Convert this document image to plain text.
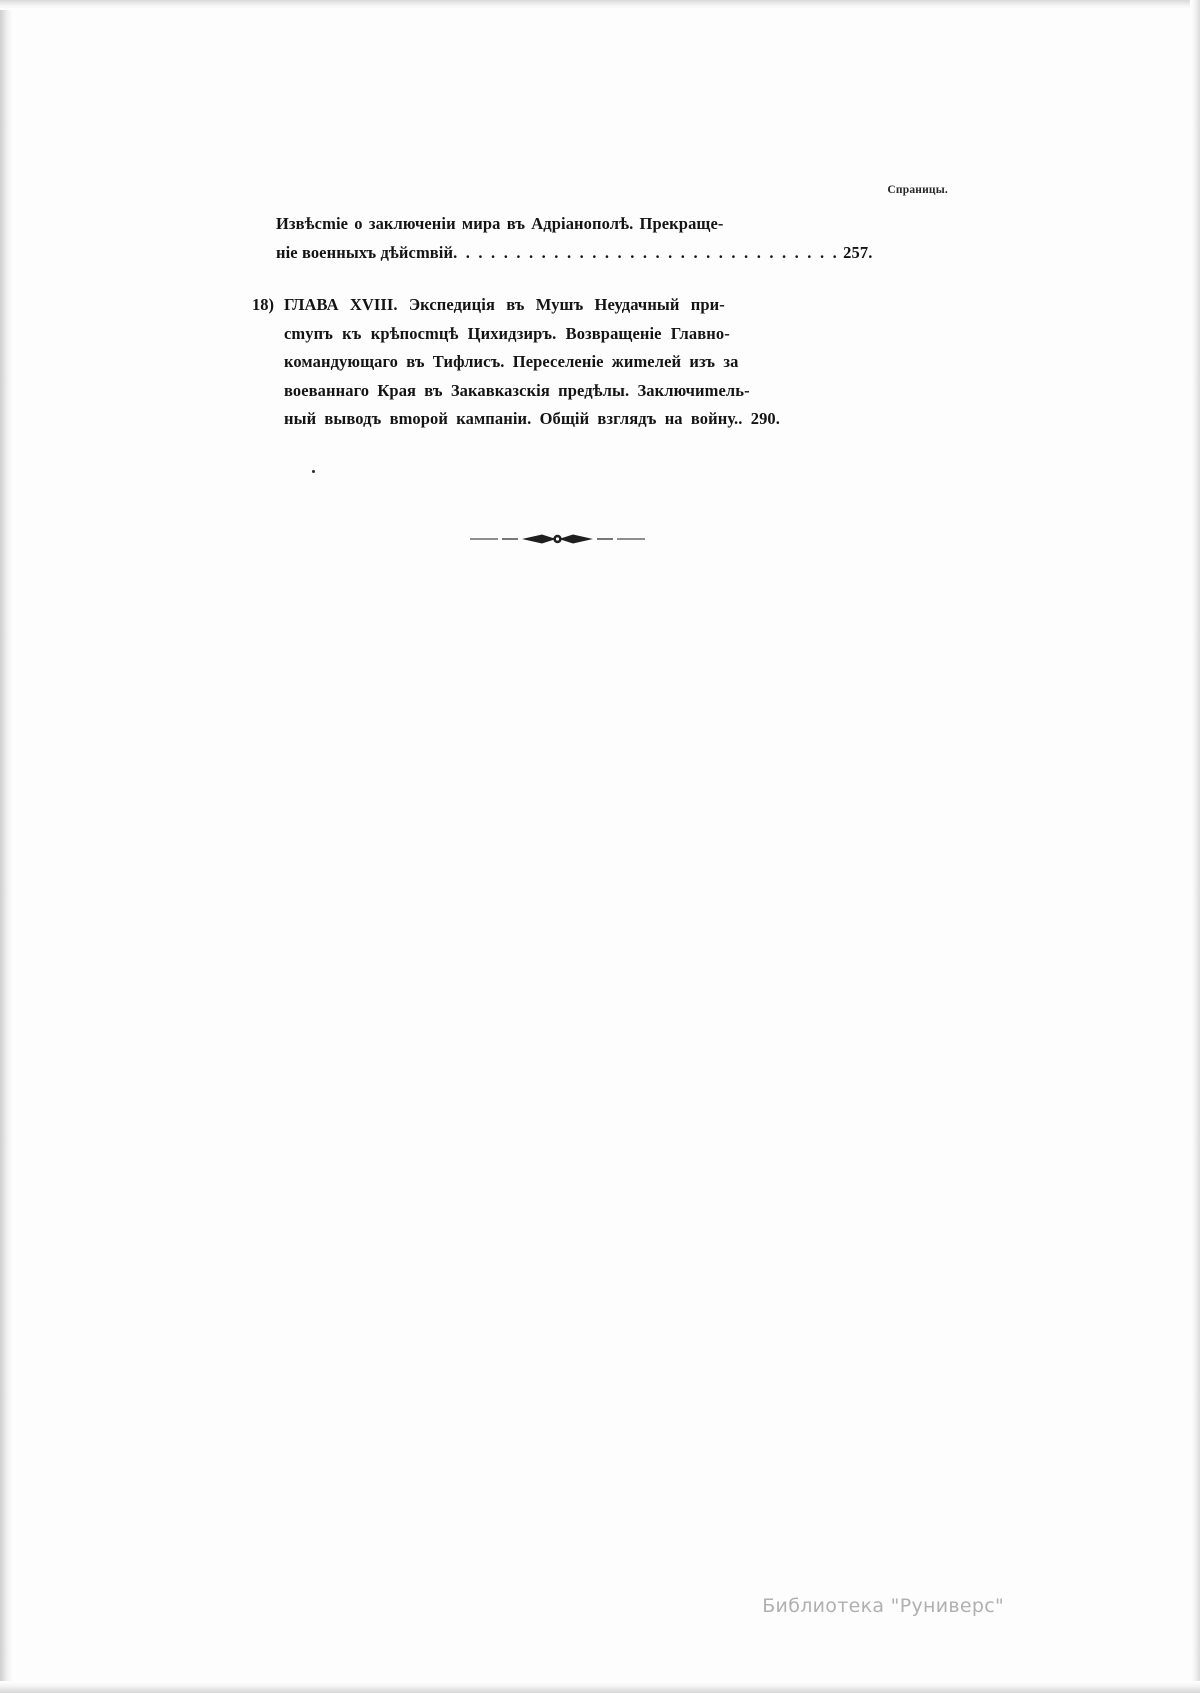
Спраницы.
Извѣсmіе о заключеніи мира въ Адріанополѣ. Прекраще-
ніе военныхъ дѣйсmвій. . . . . . . . . . . . . . . . . . . . . . . . . . . . . . . 257.
18) ГЛАВА XVIII. Экспедиція въ Мушъ Неудачный при-
сmупъ къ крѣпосmцѣ Цихидзиръ. Возвращеніе Главно-
командующаго въ Тифлисъ. Переселеніе жиmелей изъ за
воеваннаго Края въ Закавказскія предѣлы. Заключиmель-
ный выводъ вmорой кампаніи. Общій взглядъ на войну.. 290.
Библиотека "Руниверс"
